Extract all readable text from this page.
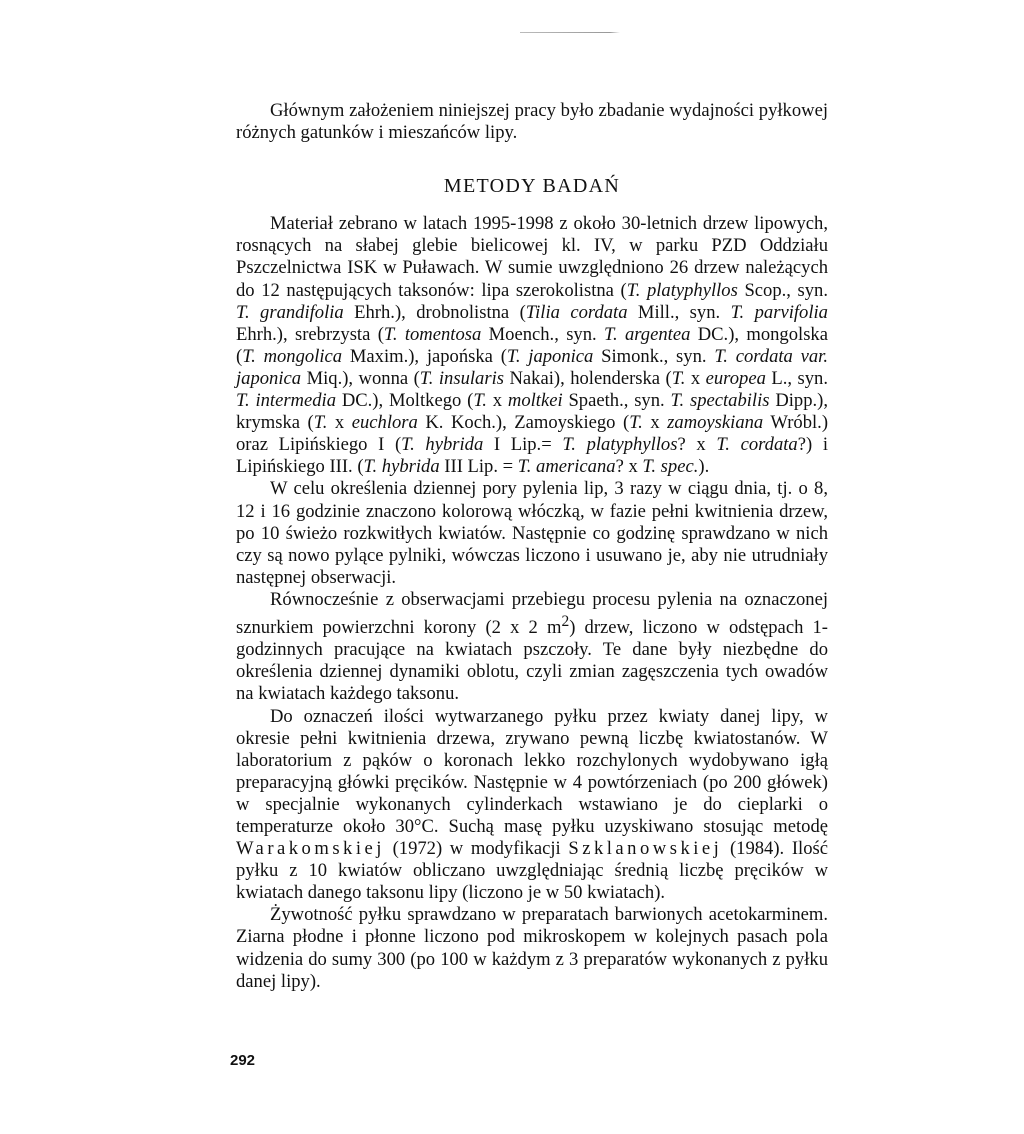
Głównym założeniem niniejszej pracy było zbadanie wydajności pyłkowej różnych gatunków i mieszańców lipy.

METODY BADAŃ

Materiał zebrano w latach 1995-1998 z około 30-letnich drzew lipowych, rosnących na słabej glebie bielicowej kl. IV, w parku PZD Oddziału Pszczelnictwa ISK w Puławach. W sumie uwzględniono 26 drzew należących do 12 następujących taksonów: lipa szerokolistna (T. platyphyllos Scop., syn. T. grandifolia Ehrh.), drobnolistna (Tilia cordata Mill., syn. T. parvifolia Ehrh.), srebrzysta (T. tomentosa Moench., syn. T. argentea DC.), mongolska (T. mongolica Maxim.), japońska (T. japonica Simonk., syn. T. cordata var. japonica Miq.), wonna (T. insularis Nakai), holenderska (T. x europea L., syn. T. intermedia DC.), Moltkego (T. x moltkei Spaeth., syn. T. spectabilis Dipp.), krymska (T. x euchlora K. Koch.), Zamoyskiego (T. x zamoyskiana Wróbl.) oraz Lipińskiego I (T. hybrida I Lip.= T. platyphyllos? x T. cordata?) i Lipińskiego III. (T. hybrida III Lip. = T. americana? x T. spec.).

W celu określenia dziennej pory pylenia lip, 3 razy w ciągu dnia, tj. o 8, 12 i 16 godzinie znaczono kolorową włóczką, w fazie pełni kwitnienia drzew, po 10 świeżo rozkwitłych kwiatów. Następnie co godzinę sprawdzano w nich czy są nowo pylące pylniki, wówczas liczono i usuwano je, aby nie utrudniały następnej obserwacji.

Równocześnie z obserwacjami przebiegu procesu pylenia na oznaczonej sznurkiem powierzchni korony (2 x 2 $m^2$) drzew, liczono w odstępach 1-godzinnych pracujące na kwiatach pszczoły. Te dane były niezbędne do określenia dziennej dynamiki oblotu, czyli zmian zagęszczenia tych owadów na kwiatach każdego taksonu.

Do oznaczeń ilości wytwarzanego pyłku przez kwiaty danej lipy, w okresie pełni kwitnienia drzewa, zrywano pewną liczbę kwiatostanów. W laboratorium z pąków o koronach lekko rozchylonych wydobywano igłą preparacyjną główki pręcików. Następnie w 4 powtórzeniach (po 200 główek) w specjalnie wykonanych cylinderkach wstawiano je do cieplarki o temperaturze około 30°C. Suchą masę pyłku uzyskiwano stosując metodę Warakomskiej (1972) w modyfikacji Szklanowskiej (1984). Ilość pyłku z 10 kwiatów obliczano uwzględniając średnią liczbę pręcików w kwiatach danego taksonu lipy (liczono je w 50 kwiatach).

Żywotność pyłku sprawdzano w preparatach barwionych acetokarminem. Ziarna płodne i płonne liczono pod mikroskopem w kolejnych pasach pola widzenia do sumy 300 (po 100 w każdym z 3 preparatów wykonanych z pyłku danej lipy).

292
